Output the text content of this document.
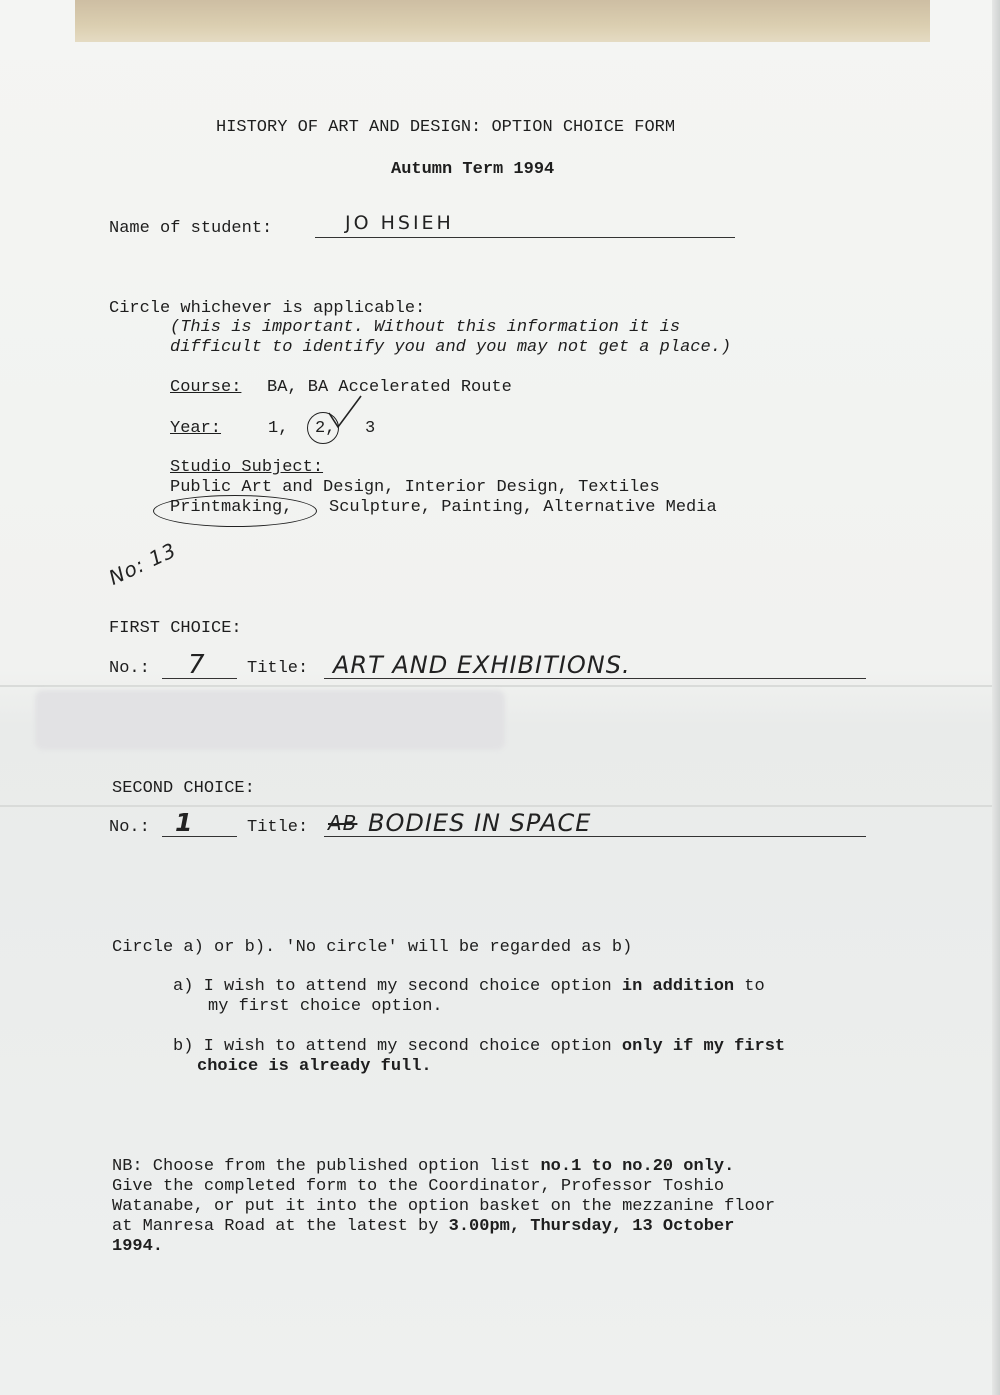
HISTORY OF ART AND DESIGN: OPTION CHOICE FORM
Autumn Term 1994
Name of student:	JO HSIEH
Circle whichever is applicable:
(This is important. Without this information it is
difficult to identify you and you may not get a place.)
Course: BA, BA Accelerated Route
Year:	1, 2, 3
Studio Subject:
Public Art and Design, Interior Design, Textiles
Printmaking, Sculpture, Painting, Alternative Media
No: 13
FIRST CHOICE:
No.: 7 Title: ART AND EXHIBITIONS.
SECOND CHOICE:
No.: 1	Title: AB BODIES IN SPACE
Circle a) or b). 'No circle' will be regarded as b)
a) I wish to attend my second choice option in addition to
my first choice option.
b) I wish to attend my second choice option only if my first
choice is already full.
NB: Choose from the published option list no.1 to no.20 only.
Give the completed form to the Coordinator, Professor Toshio
Watanabe, or put it into the option basket on the mezzanine floor
at Manresa Road at the latest by 3.00pm, Thursday, 13 October
1994.
